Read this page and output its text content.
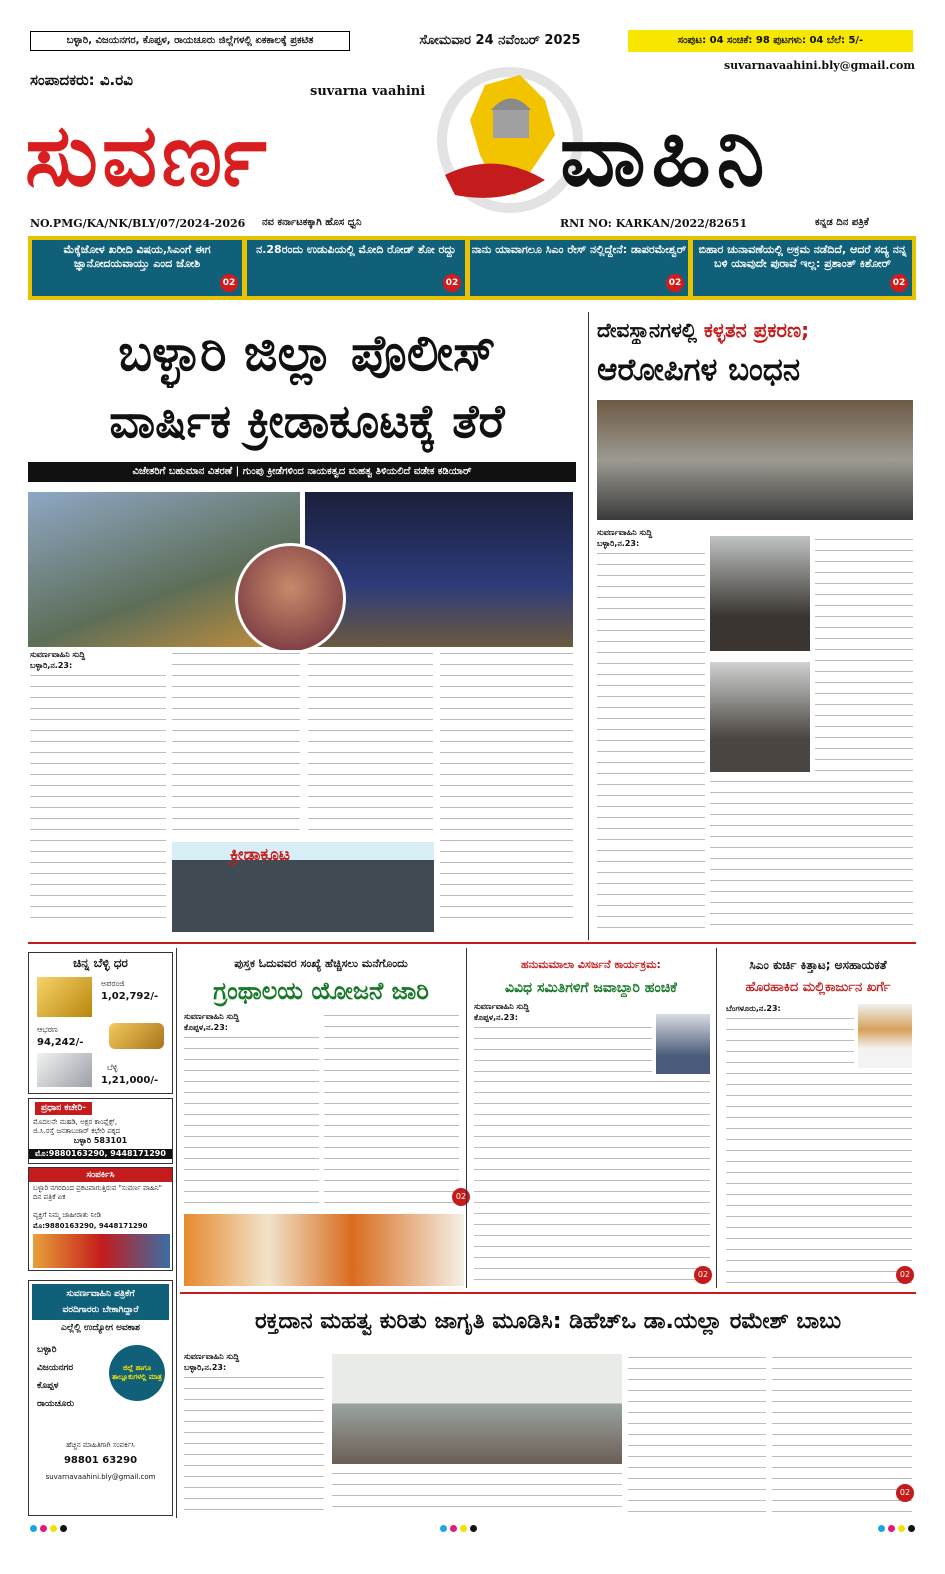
ಬಳ್ಳಾರಿ, ವಿಜಯನಗರ, ಕೊಪ್ಪಳ, ರಾಯಚೂರು ಜಿಲ್ಲೆಗಳಲ್ಲಿ ಏಕಕಾಲಕ್ಕೆ ಪ್ರಕಟಿತ	ಸೋಮವಾರ 24 ನವೆಂಬರ್ 2025	ಸಂಪುಟ: 04 ಸಂಚಿಕೆ: 98 ಪುಟಗಳು: 04 ಬೆಲೆ: 5/-
ಸಂಪಾದಕರು: ವಿ.ರವಿ
suvarnavaahini.bly@gmail.com
suvarna vaahini
ಸುವರ್ಣ	ವಾಹಿನಿ
NO.PMG/KA/NK/BLY/07/2024-2026 ನವ ಕರ್ನಾಟಕಕ್ಕಾಗಿ ಹೊಸ ಧ್ವನಿ	RNI NO: KARKAN/2022/82651	ಕನ್ನಡ ದಿನ ಪತ್ರಿಕೆ
ಮೆಕ್ಕೆಜೋಳ ಖರೀದಿ ವಿಷಯ,ಸಿಎಂಗೆ ಈಗ ಜ್ಞಾನೋದಯವಾಯ್ತು ಎಂದ ಜೋಶಿ
02
ನ.28ರಂದು ಉಡುಪಿಯಲ್ಲಿ ಮೋದಿ ರೋಡ್ ಶೋ ರದ್ದು
02
ನಾನು ಯಾವಾಗಲೂ ಸಿಎಂ ರೇಸ್ ನಲ್ಲಿದ್ದೇನೆ: ಡಾಪರಮೇಶ್ವರ್
02
ಬಿಹಾರ ಚುನಾವಣೆಯಲ್ಲಿ ಅಕ್ರಮ ನಡೆದಿದೆ, ಆದರೆ ಸದ್ಯ ನನ್ನ ಬಳಿ ಯಾವುದೇ ಪುರಾವೆ ಇಲ್ಲ: ಪ್ರಶಾಂತ್ ಕಿಶೋರ್
02
ಬಳ್ಳಾರಿ ಜಿಲ್ಲಾ ಪೊಲೀಸ್
ವಾರ್ಷಿಕ ಕ್ರೀಡಾಕೂಟಕ್ಕೆ ತೆರೆ
ವಿಜೇತರಿಗೆ ಬಹುಮಾನ ವಿತರಣೆ | ಗುಂಪು ಕ್ರೀಡೆಗಳಿಂದ ನಾಯಕತ್ವದ ಮಹತ್ವ ತಿಳಿಯಲಿದೆ ವಡೇಕ ಕಡಿಯಾರ್
ಸುವರ್ಣವಾಹಿನಿ ಸುದ್ದಿ
ಬಳ್ಳಾರಿ,ನ.23:
ಕ್ರೀಡಾಕೂಟ
ದೇವಸ್ಥಾನಗಳಲ್ಲಿ ಕಳ್ಳತನ ಪ್ರಕರಣ;
ಆರೋಪಿಗಳ ಬಂಧನ
ಸುವರ್ಣವಾಹಿನಿ ಸುದ್ದಿ
ಬಳ್ಳಾರಿ,ನ.23:
ಚಿನ್ನ ಬೆಳ್ಳಿ ಧರ
ಅಪರಂಜಿ
1,02,792/-
ಆಭರಣ
94,242/-
ಬೆಳ್ಳಿ
1,21,000/-
ಪ್ರಧಾನ ಕಚೇರಿ-
ಮೊದಲನೇ ಮಹಡಿ, ಅಕ್ಷರ ಕಾಂಪ್ಲೆಕ್ಸ್,
ಜಿ.ಸಿ.ರಸ್ತೆ ಜನತಾಬಜಾರ್ ಕಛೇರಿ ಪಕ್ಕದ
ಬಳ್ಳಾರಿ 583101
ಮೊ:9880163290, 9448171290
ಸಂಪರ್ಕಿಸಿ
ಬಳ್ಳಾರಿ ನಗರದಿಂದ ಪ್ರಕಟವಾಗುತ್ತಿರುವ "ಸುವರ್ಣ ವಾಹಿನಿ" ದಿನ ಪತ್ರಿಕೆ ಏಕ
ವ್ಯಕ್ತಿಗೆ ನಿಮ್ಮ ಜಾಹೀರಾತು ನೀಡಿ
ಮೊ:9880163290, 9448171290
ಸುವರ್ಣವಾಹಿನಿ ಪತ್ರಿಕೆಗೆ
ವರದಿಗಾರರು ಬೇಕಾಗಿದ್ದಾರೆ
ಎಲ್ಲೆಲ್ಲಿ ಉದ್ಯೋಗ ಅವಕಾಶ
ಬಳ್ಳಾರಿ
ವಿಜಯನಗರ
ಕೊಪ್ಪಳ
ರಾಯಚೂರು
ಜಿಲ್ಲೆ ಹಾಗೂ ತಾಲ್ಲೂಕುಗಳಲ್ಲಿ ಮಾತ್ರ
ಹೆಚ್ಚಿನ ಮಾಹಿತಿಗಾಗಿ ಸಂಪರ್ಕಿಸಿ
98801 63290
suvarnavaahini.bly@gmail.com
ಪುಸ್ತಕ ಓದುವವರ ಸಂಖ್ಯೆ ಹೆಚ್ಚಿಸಲು ಮನೆಗೊಂದು
ಗ್ರಂಥಾಲಯ ಯೋಜನೆ ಜಾರಿ
ಸುವರ್ಣವಾಹಿನಿ ಸುದ್ದಿ
ಕೊಪ್ಪಳ,ನ.23:
02
ಹನುಮಮಾಲಾ ವಿಸರ್ಜನೆ ಕಾರ್ಯಕ್ರಮ:
ವಿವಿಧ ಸಮಿತಿಗಳಿಗೆ ಜವಾಬ್ದಾರಿ ಹಂಚಿಕೆ
ಸುವರ್ಣವಾಹಿನಿ ಸುದ್ದಿ
ಕೊಪ್ಪಳ,ನ.23:
02
ಸಿಎಂ ಕುರ್ಚಿ ಕಿತ್ತಾಟ; ಅಸಹಾಯಕತೆ
ಹೊರಹಾಕಿದ ಮಲ್ಲಿಕಾರ್ಜುನ ಖರ್ಗೆ
ಬೆಂಗಳೂರು,ನ.23:
02
ರಕ್ತದಾನ ಮಹತ್ವ ಕುರಿತು ಜಾಗೃತಿ ಮೂಡಿಸಿ: ಡಿಹೆಚ್‌ಒ ಡಾ.ಯಲ್ಲಾ ರಮೇಶ್ ಬಾಬು
ಸುವರ್ಣವಾಹಿನಿ ಸುದ್ದಿ
ಬಳ್ಳಾರಿ,ನ.23:
02
